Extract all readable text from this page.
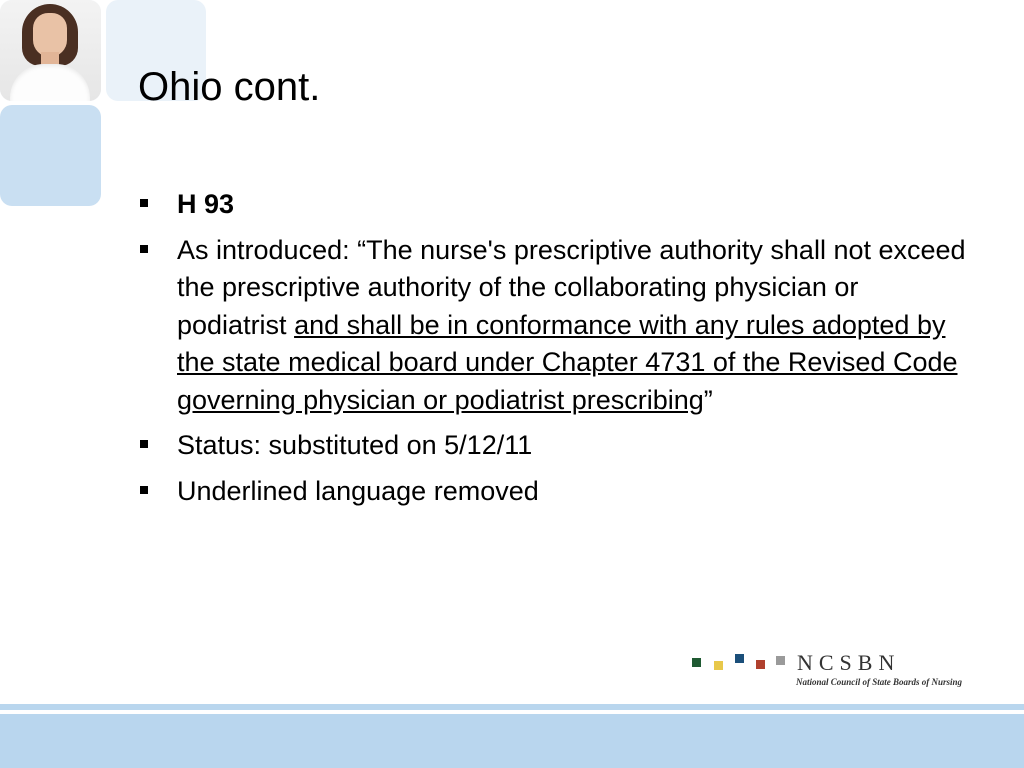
Ohio cont.
H 93
As introduced: “The nurse's prescriptive authority shall not exceed the prescriptive authority of the collaborating physician or podiatrist and shall be in conformance with any rules adopted by the state medical board under Chapter 4731 of the Revised Code governing physician or podiatrist prescribing”
Status: substituted on 5/12/11
Underlined language removed
NCSBN
National Council of State Boards of Nursing
